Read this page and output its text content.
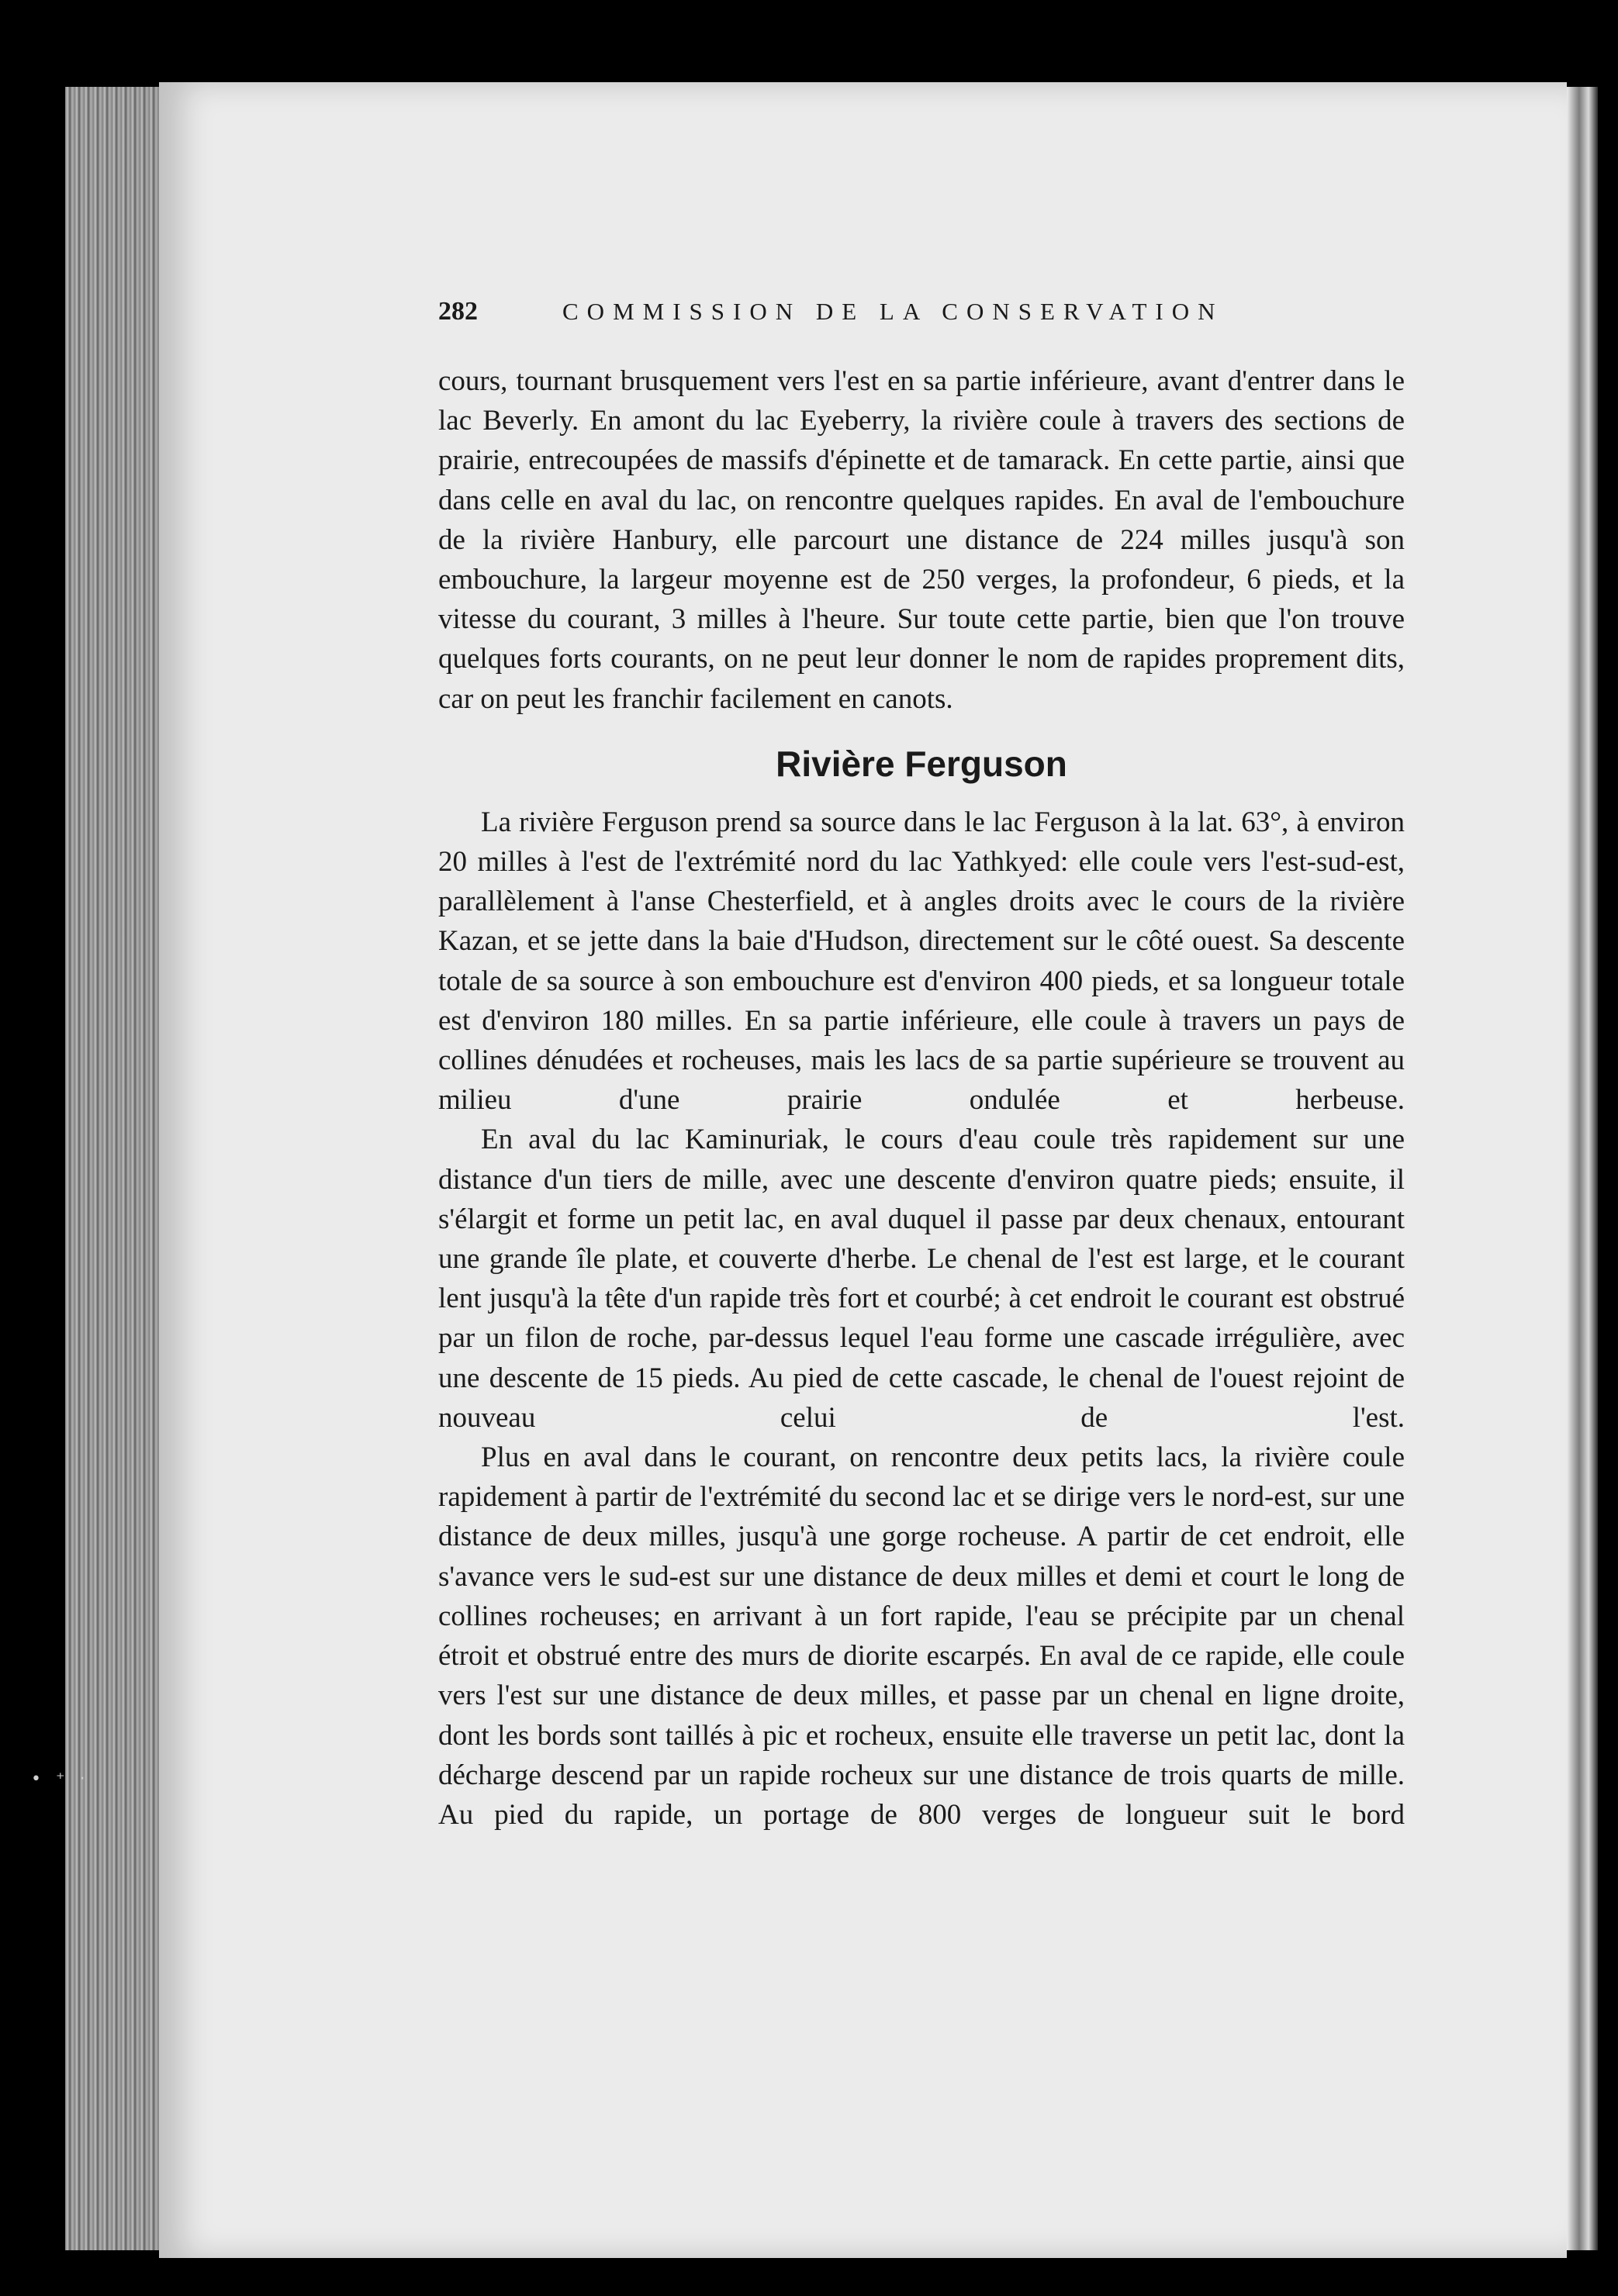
• ⁺ ·
282	COMMISSION DE LA CONSERVATION

cours, tournant brusquement vers l'est en sa partie inférieure, avant d'entrer dans le lac Beverly. En amont du lac Eyeberry, la rivière coule à travers des sections de prairie, entrecoupées de massifs d'épinette et de tamarack. En cette partie, ainsi que dans celle en aval du lac, on rencontre quelques rapides. En aval de l'embouchure de la rivière Hanbury, elle parcourt une distance de 224 milles jusqu'à son embouchure, la largeur moyenne est de 250 verges, la profondeur, 6 pieds, et la vitesse du courant, 3 milles à l'heure. Sur toute cette partie, bien que l'on trouve quelques forts courants, on ne peut leur donner le nom de rapides proprement dits, car on peut les franchir facilement en canots.

Rivière Ferguson

La rivière Ferguson prend sa source dans le lac Ferguson à la lat. 63°, à environ 20 milles à l'est de l'extrémité nord du lac Yathkyed: elle coule vers l'est-sud-est, parallèlement à l'anse Chesterfield, et à angles droits avec le cours de la rivière Kazan, et se jette dans la baie d'Hudson, directement sur le côté ouest. Sa descente totale de sa source à son embouchure est d'environ 400 pieds, et sa longueur totale est d'environ 180 milles. En sa partie inférieure, elle coule à travers un pays de collines dénudées et rocheuses, mais les lacs de sa partie supérieure se trouvent au milieu d'une prairie ondulée et herbeuse.

En aval du lac Kaminuriak, le cours d'eau coule très rapidement sur une distance d'un tiers de mille, avec une descente d'environ quatre pieds; ensuite, il s'élargit et forme un petit lac, en aval duquel il passe par deux chenaux, entourant une grande île plate, et couverte d'herbe. Le chenal de l'est est large, et le courant lent jusqu'à la tête d'un rapide très fort et courbé; à cet endroit le courant est obstrué par un filon de roche, par-dessus lequel l'eau forme une cascade irrégulière, avec une descente de 15 pieds. Au pied de cette cascade, le chenal de l'ouest rejoint de nouveau celui de l'est.

Plus en aval dans le courant, on rencontre deux petits lacs, la rivière coule rapidement à partir de l'extrémité du second lac et se dirige vers le nord-est, sur une distance de deux milles, jusqu'à une gorge rocheuse. A partir de cet endroit, elle s'avance vers le sud-est sur une distance de deux milles et demi et court le long de collines rocheuses; en arrivant à un fort rapide, l'eau se précipite par un chenal étroit et obstrué entre des murs de diorite escarpés. En aval de ce rapide, elle coule vers l'est sur une distance de deux milles, et passe par un chenal en ligne droite, dont les bords sont taillés à pic et rocheux, ensuite elle traverse un petit lac, dont la décharge descend par un rapide rocheux sur une distance de trois quarts de mille. Au pied du rapide, un portage de 800 verges de longueur suit le bord
